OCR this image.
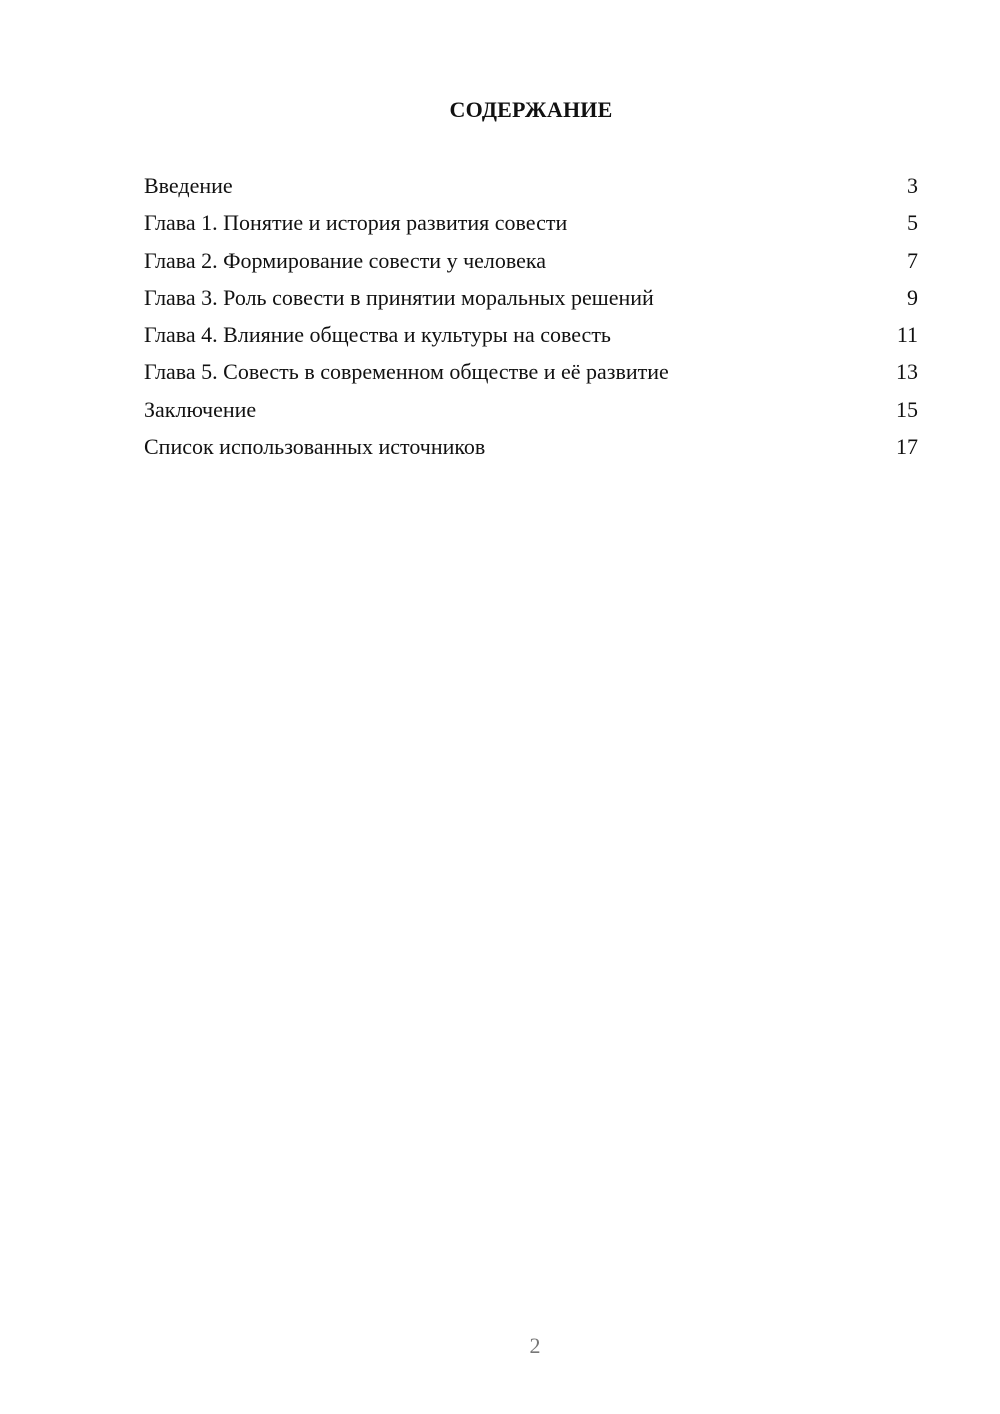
СОДЕРЖАНИЕ
Введение	3
Глава 1. Понятие и история развития совести	5
Глава 2. Формирование совести у человека	7
Глава 3. Роль совести в принятии моральных решений	9
Глава 4. Влияние общества и культуры на совесть	11
Глава 5. Совесть в современном обществе и её развитие	13
Заключение	15
Список использованных источников	17
2
